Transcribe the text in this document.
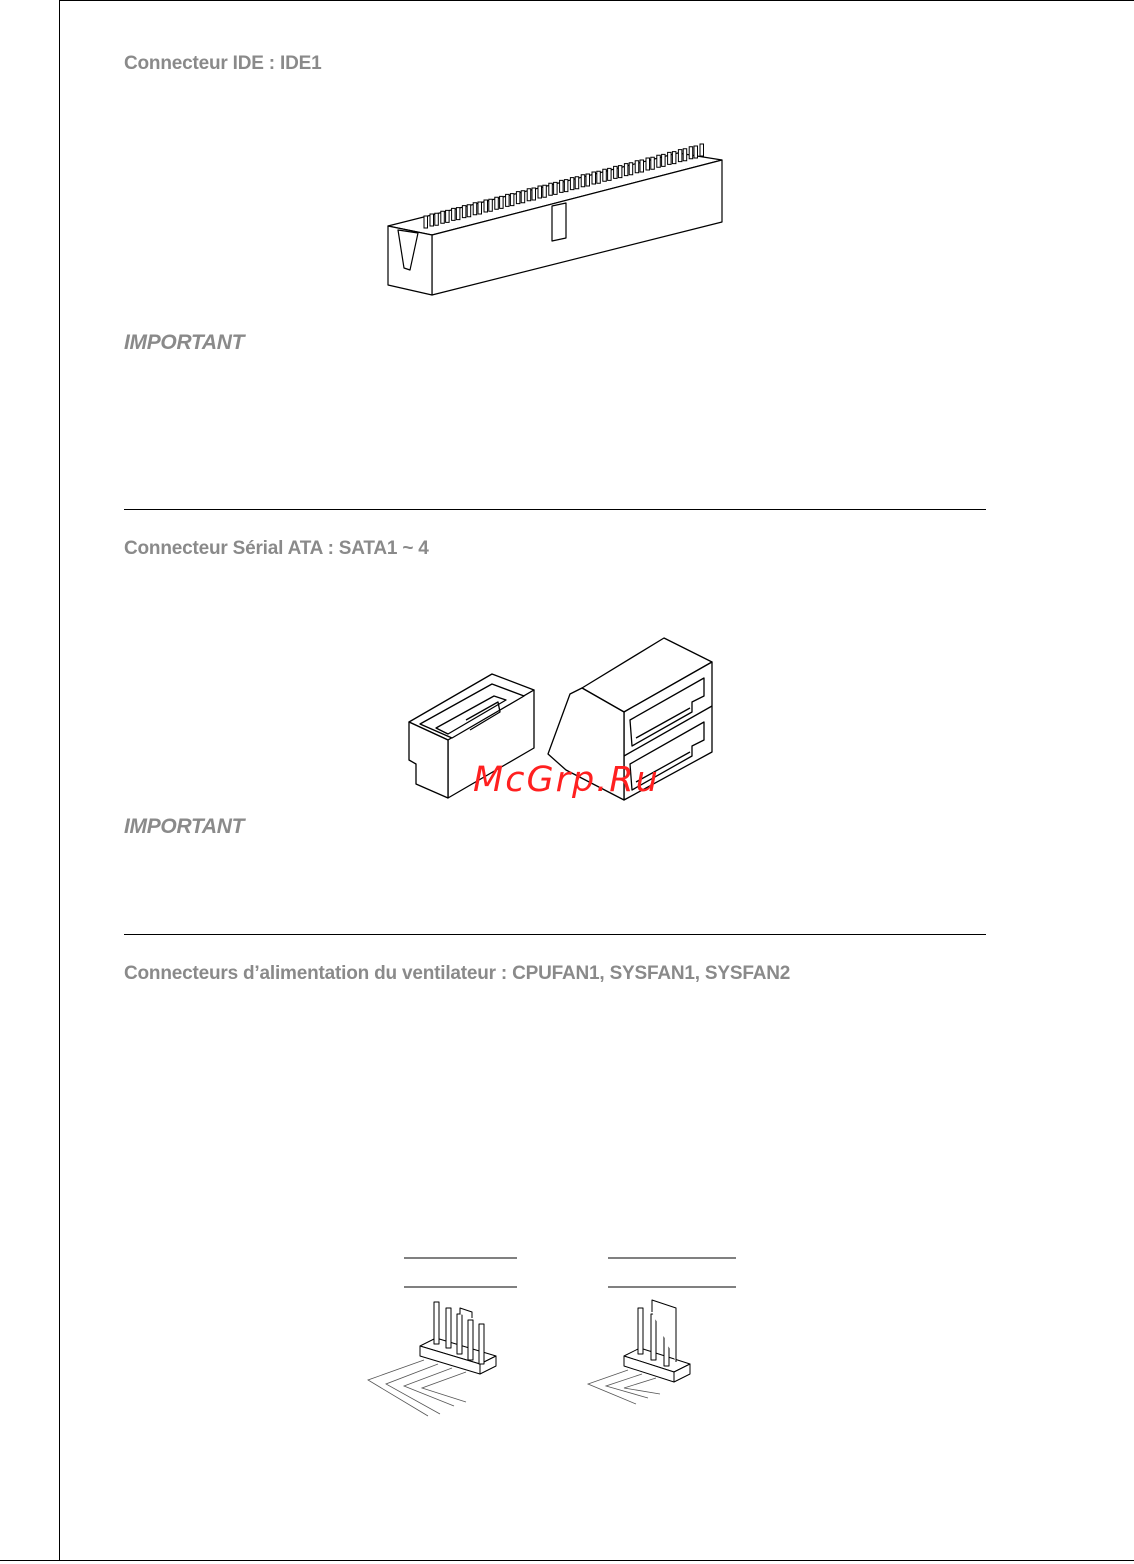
Connecteur IDE : IDE1
IMPORTANT
Connecteur Sérial ATA : SATA1 ~ 4
McGrp.Ru
IMPORTANT
Connecteurs d’alimentation du ventilateur : CPUFAN1, SYSFAN1, SYSFAN2
